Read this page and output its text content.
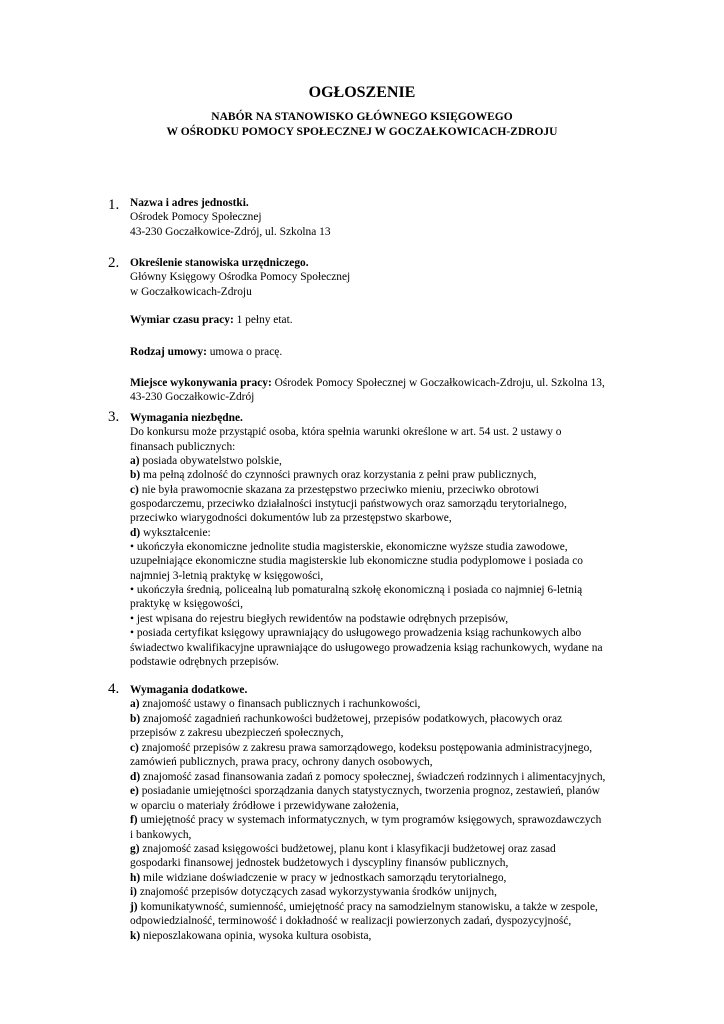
OGŁOSZENIE
NABÓR NA STANOWISKO GŁÓWNEGO KSIĘGOWEGO
W OŚRODKU POMOCY SPOŁECZNEJ W GOCZAŁKOWICACH-ZDROJU
1. Nazwa i adres jednostki.
Ośrodek Pomocy Społecznej
43-230 Goczałkowice-Zdrój, ul. Szkolna 13
2. Określenie stanowiska urzędniczego.
Główny Księgowy Ośrodka Pomocy Społecznej
w Goczałkowicach-Zdroju
Wymiar czasu pracy: 1 pełny etat.
Rodzaj umowy: umowa o pracę.
Miejsce wykonywania pracy: Ośrodek Pomocy Społecznej w Goczałkowicach-Zdroju, ul. Szkolna 13,
43-230 Goczałkowic-Zdrój
3. Wymagania niezbędne.
Do konkursu może przystąpić osoba, która spełnia warunki określone w art. 54 ust. 2 ustawy o
finansach publicznych:
a) posiada obywatelstwo polskie,
b) ma pełną zdolność do czynności prawnych oraz korzystania z pełni praw publicznych,
c) nie była prawomocnie skazana za przestępstwo przeciwko mieniu, przeciwko obrotowi
gospodarczemu, przeciwko działalności instytucji państwowych oraz samorządu terytorialnego,
przeciwko wiarygodności dokumentów lub za przestępstwo skarbowe,
d) wykształcenie:
• ukończyła ekonomiczne jednolite studia magisterskie, ekonomiczne wyższe studia zawodowe,
uzupełniające ekonomiczne studia magisterskie lub ekonomiczne studia podyplomowe i posiada co
najmniej 3-letnią praktykę w księgowości,
• ukończyła średnią, policealną lub pomaturalną szkołę ekonomiczną i posiada co najmniej 6-letnią
praktykę w księgowości,
• jest wpisana do rejestru biegłych rewidentów na podstawie odrębnych przepisów,
• posiada certyfikat księgowy uprawniający do usługowego prowadzenia ksiąg rachunkowych albo
świadectwo kwalifikacyjne uprawniające do usługowego prowadzenia ksiąg rachunkowych, wydane na
podstawie odrębnych przepisów.
4. Wymagania dodatkowe.
a) znajomość ustawy o finansach publicznych i rachunkowości,
b) znajomość zagadnień rachunkowości budżetowej, przepisów podatkowych, płacowych oraz
przepisów z zakresu ubezpieczeń społecznych,
c) znajomość przepisów z zakresu prawa samorządowego, kodeksu postępowania administracyjnego,
zamówień publicznych, prawa pracy, ochrony danych osobowych,
d) znajomość zasad finansowania zadań z pomocy społecznej, świadczeń rodzinnych i alimentacyjnych,
e) posiadanie umiejętności sporządzania danych statystycznych, tworzenia prognoz, zestawień, planów
w oparciu o materiały źródłowe i przewidywane założenia,
f) umiejętność pracy w systemach informatycznych, w tym programów księgowych, sprawozdawczych
i bankowych,
g) znajomość zasad księgowości budżetowej, planu kont i klasyfikacji budżetowej oraz zasad
gospodarki finansowej jednostek budżetowych i dyscypliny finansów publicznych,
h) mile widziane doświadczenie w pracy w jednostkach samorządu terytorialnego,
i) znajomość przepisów dotyczących zasad wykorzystywania środków unijnych,
j) komunikatywność, sumienność, umiejętność pracy na samodzielnym stanowisku, a także w zespole,
odpowiedzialność, terminowość i dokładność w realizacji powierzonych zadań, dyspozycyjność,
k) nieposzlakowana opinia, wysoka kultura osobista,
